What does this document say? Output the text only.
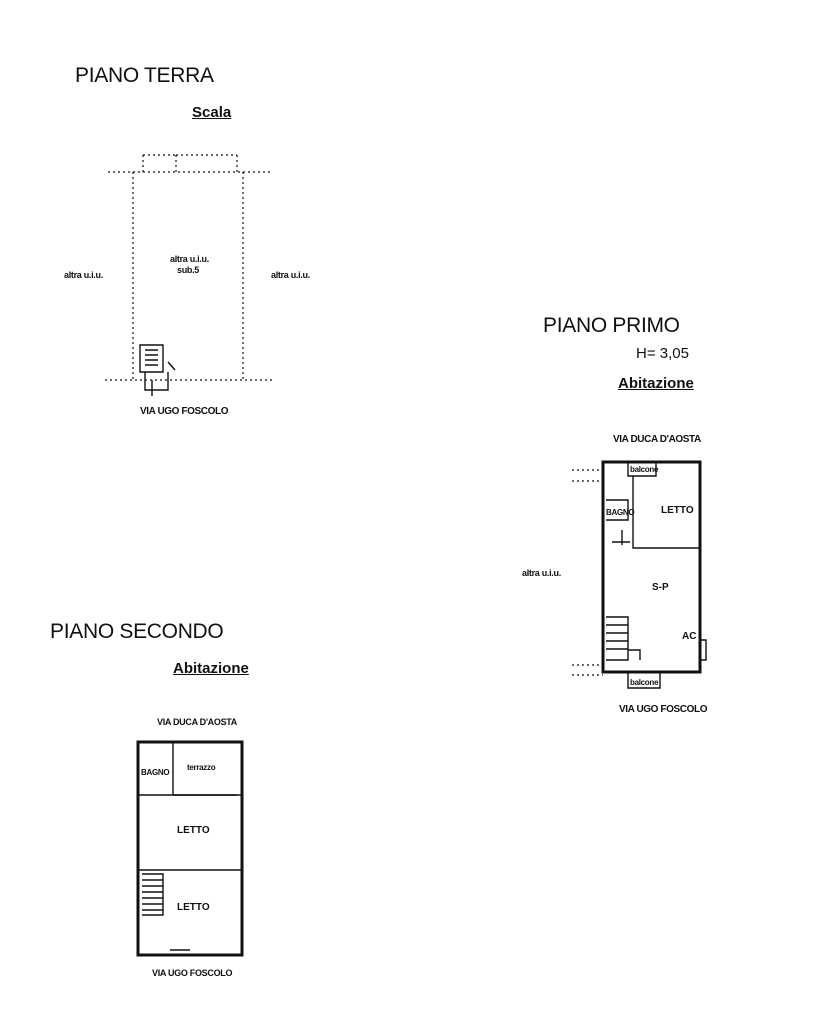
PIANO TERRA
Scala
altra u.i.u.
altra u.i.u.
sub.5	altra u.i.u.
VIA UGO FOSCOLO
PIANO PRIMO
H= 3,05
Abitazione
VIA DUCA D'AOSTA
balcone
BAGNO	LETTO
S-P
AC
altra u.i.u.
balcone
VIA UGO FOSCOLO
PIANO SECONDO
Abitazione
VIA DUCA D'AOSTA
BAGNO
terrazzo
LETTO
LETTO
VIA UGO FOSCOLO
